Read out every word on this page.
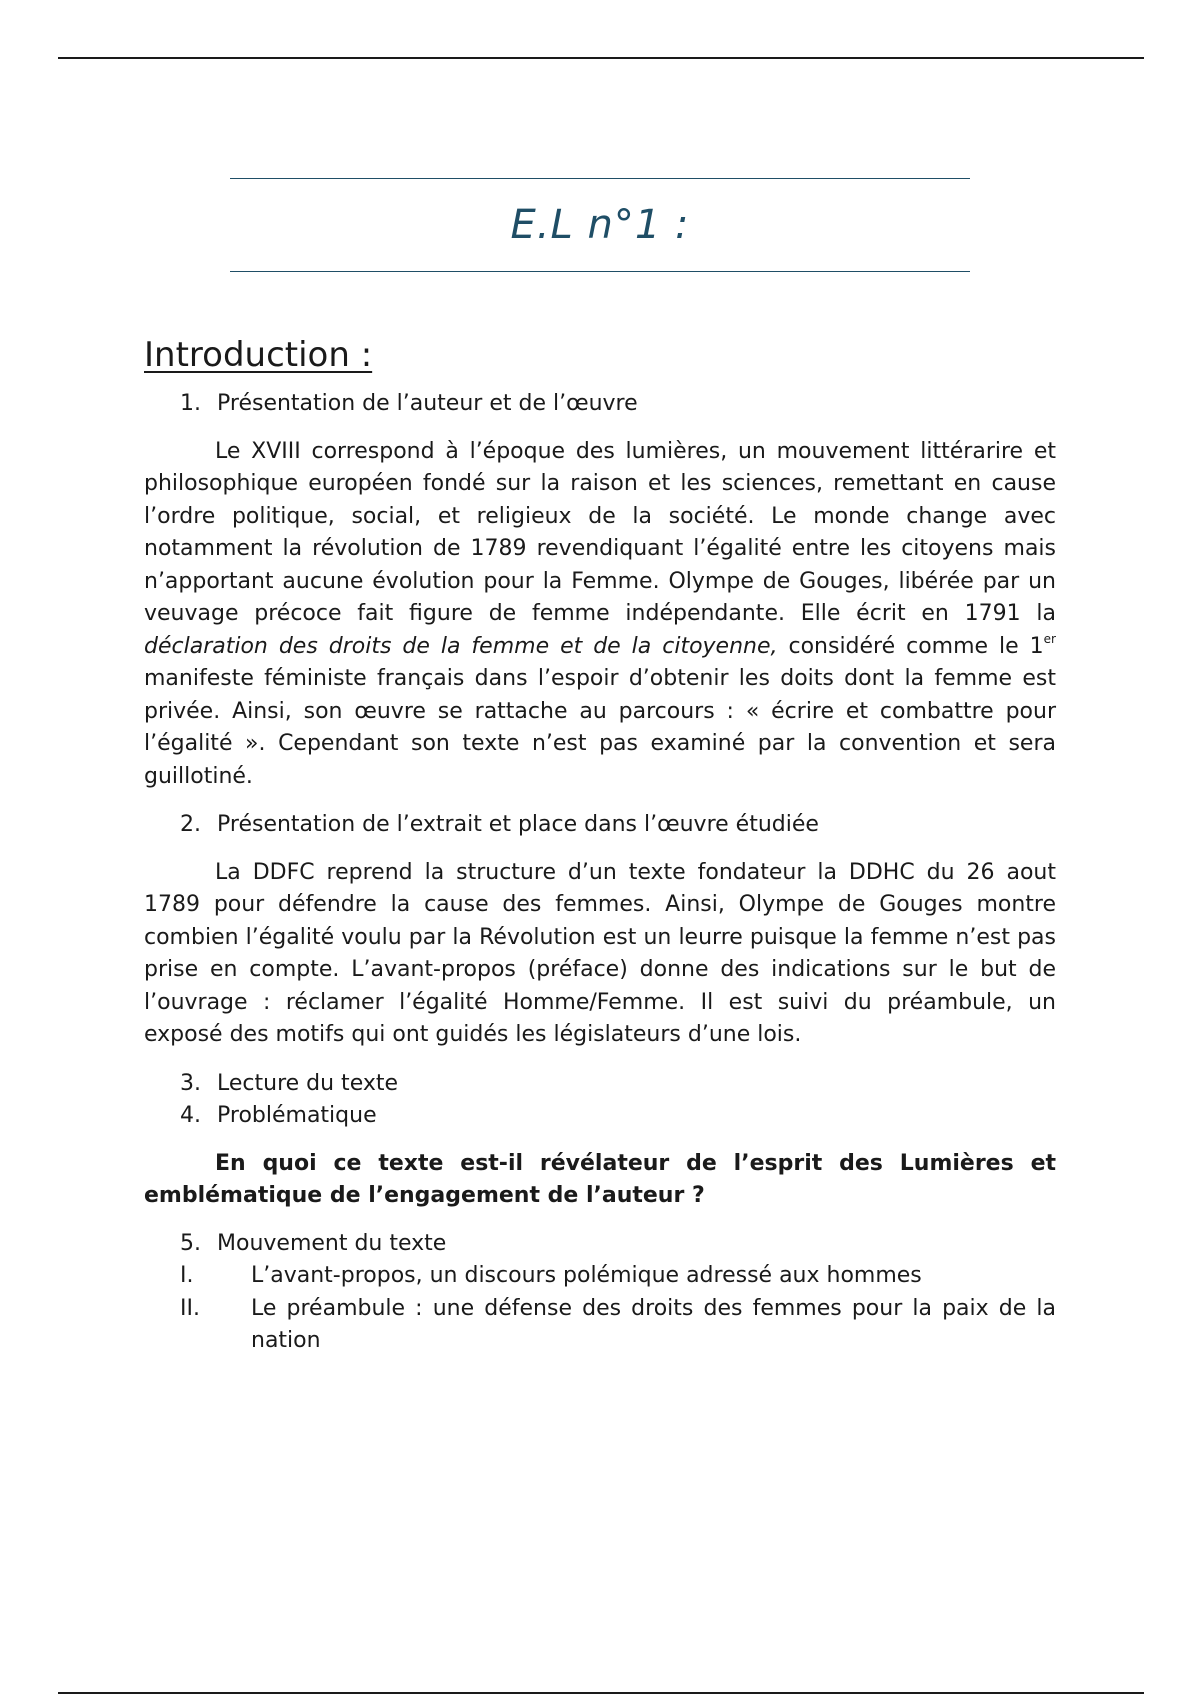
E.L n°1 :
Introduction :
1. Présentation de l’auteur et de l’œuvre

Le XVIII correspond à l’époque des lumières, un mouvement littérarire et philosophique européen fondé sur la raison et les sciences, remettant en cause l’ordre politique, social, et religieux de la société. Le monde change avec notamment la révolution de 1789 revendiquant l’égalité entre les citoyens mais n’apportant aucune évolution pour la Femme. Olympe de Gouges, libérée par un veuvage précoce fait figure de femme indépendante. Elle écrit en 1791 la déclaration des droits de la femme et de la citoyenne, considéré comme le 1er manifeste féministe français dans l’espoir d’obtenir les doits dont la femme est privée. Ainsi, son œuvre se rattache au parcours : « écrire et combattre pour l’égalité ». Cependant son texte n’est pas examiné par la convention et sera guillotiné.

2. Présentation de l’extrait et place dans l’œuvre étudiée

La DDFC reprend la structure d’un texte fondateur la DDHC du 26 aout 1789 pour défendre la cause des femmes. Ainsi, Olympe de Gouges montre combien l’égalité voulu par la Révolution est un leurre puisque la femme n’est pas prise en compte. L’avant-propos (préface) donne des indications sur le but de l’ouvrage : réclamer l’égalité Homme/Femme. Il est suivi du préambule, un exposé des motifs qui ont guidés les législateurs d’une lois.

3. Lecture du texte
4. Problématique

En quoi ce texte est-il révélateur de l’esprit des Lumières et emblématique de l’engagement de l’auteur ?

5. Mouvement du texte
I.	L’avant-propos, un discours polémique adressé aux hommes
II. Le préambule : une défense des droits des femmes pour la paix de la nation
